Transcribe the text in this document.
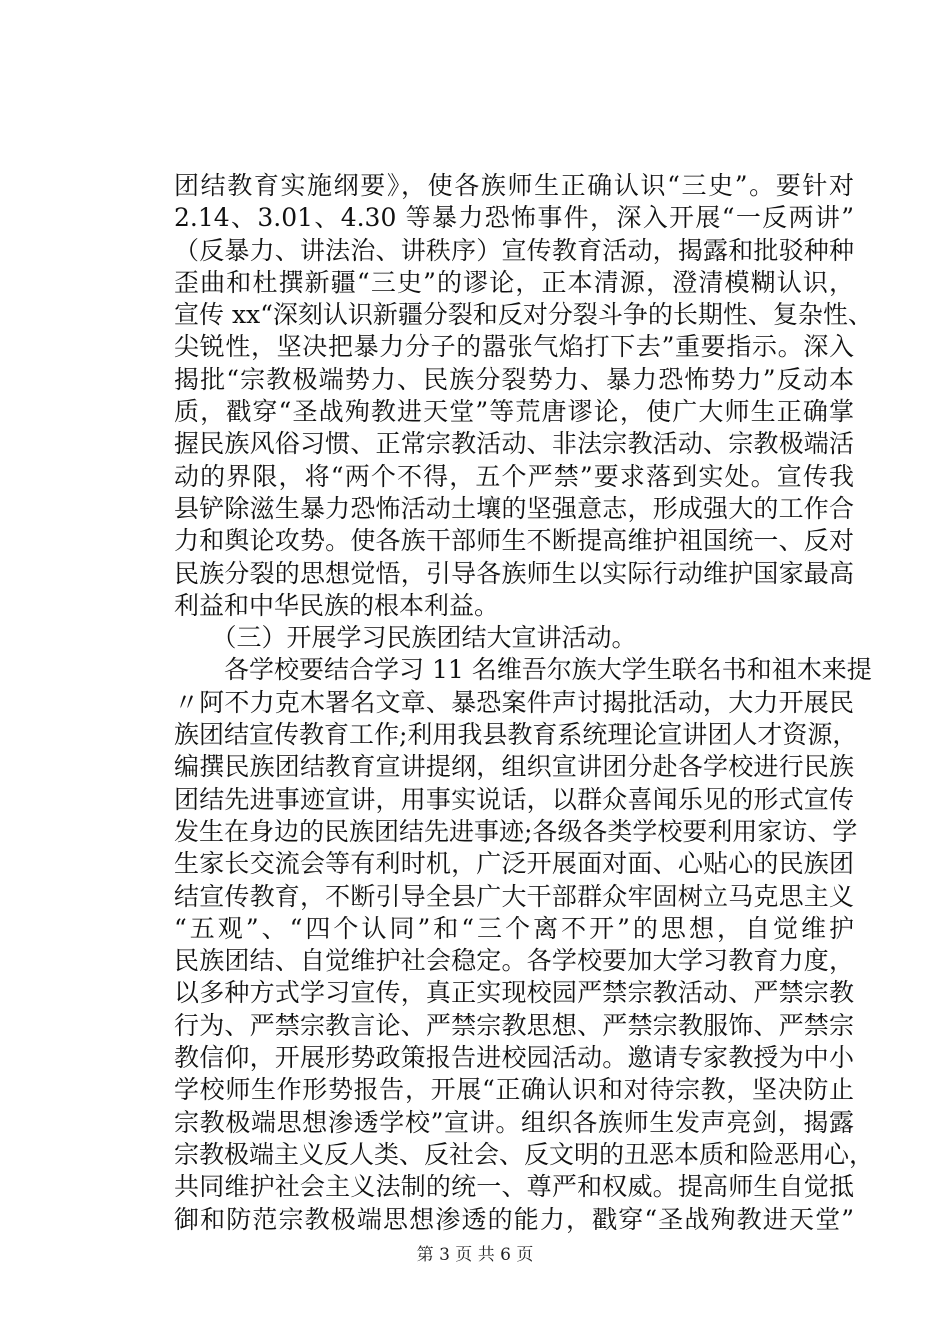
团结教育实施纲要》，使各族师生正确认识“三史”。要针对
2.14、3.01、4.30 等暴力恐怖事件，深入开展“一反两讲”
（反暴力、讲法治、讲秩序）宣传教育活动，揭露和批驳种种
歪曲和杜撰新疆“三史”的谬论，正本清源，澄清模糊认识，
宣传 xx“深刻认识新疆分裂和反对分裂斗争的长期性、复杂性、
尖锐性，坚决把暴力分子的嚣张气焰打下去”重要指示。深入
揭批“宗教极端势力、民族分裂势力、暴力恐怖势力”反动本
质，戳穿“圣战殉教进天堂”等荒唐谬论，使广大师生正确掌
握民族风俗习惯、正常宗教活动、非法宗教活动、宗教极端活
动的界限，将“两个不得，五个严禁”要求落到实处。宣传我
县铲除滋生暴力恐怖活动土壤的坚强意志，形成强大的工作合
力和舆论攻势。使各族干部师生不断提高维护祖国统一、反对
民族分裂的思想觉悟，引导各族师生以实际行动维护国家最高
利益和中华民族的根本利益。
　　（三）开展学习民族团结大宣讲活动。
　　各学校要结合学习 11 名维吾尔族大学生联名书和祖木来提
〃阿不力克木署名文章、暴恐案件声讨揭批活动，大力开展民
族团结宣传教育工作;利用我县教育系统理论宣讲团人才资源，
编撰民族团结教育宣讲提纲，组织宣讲团分赴各学校进行民族
团结先进事迹宣讲，用事实说话，以群众喜闻乐见的形式宣传
发生在身边的民族团结先进事迹;各级各类学校要利用家访、学
生家长交流会等有利时机，广泛开展面对面、心贴心的民族团
结宣传教育，不断引导全县广大干部群众牢固树立马克思主义
“五观”、“四个认同”和“三个离不开”的思想，自觉维护
民族团结、自觉维护社会稳定。各学校要加大学习教育力度，
以多种方式学习宣传，真正实现校园严禁宗教活动、严禁宗教
行为、严禁宗教言论、严禁宗教思想、严禁宗教服饰、严禁宗
教信仰，开展形势政策报告进校园活动。邀请专家教授为中小
学校师生作形势报告，开展“正确认识和对待宗教，坚决防止
宗教极端思想渗透学校”宣讲。组织各族师生发声亮剑，揭露
宗教极端主义反人类、反社会、反文明的丑恶本质和险恶用心，
共同维护社会主义法制的统一、尊严和权威。提高师生自觉抵
御和防范宗教极端思想渗透的能力，戳穿“圣战殉教进天堂”
第 3 页 共 6 页
